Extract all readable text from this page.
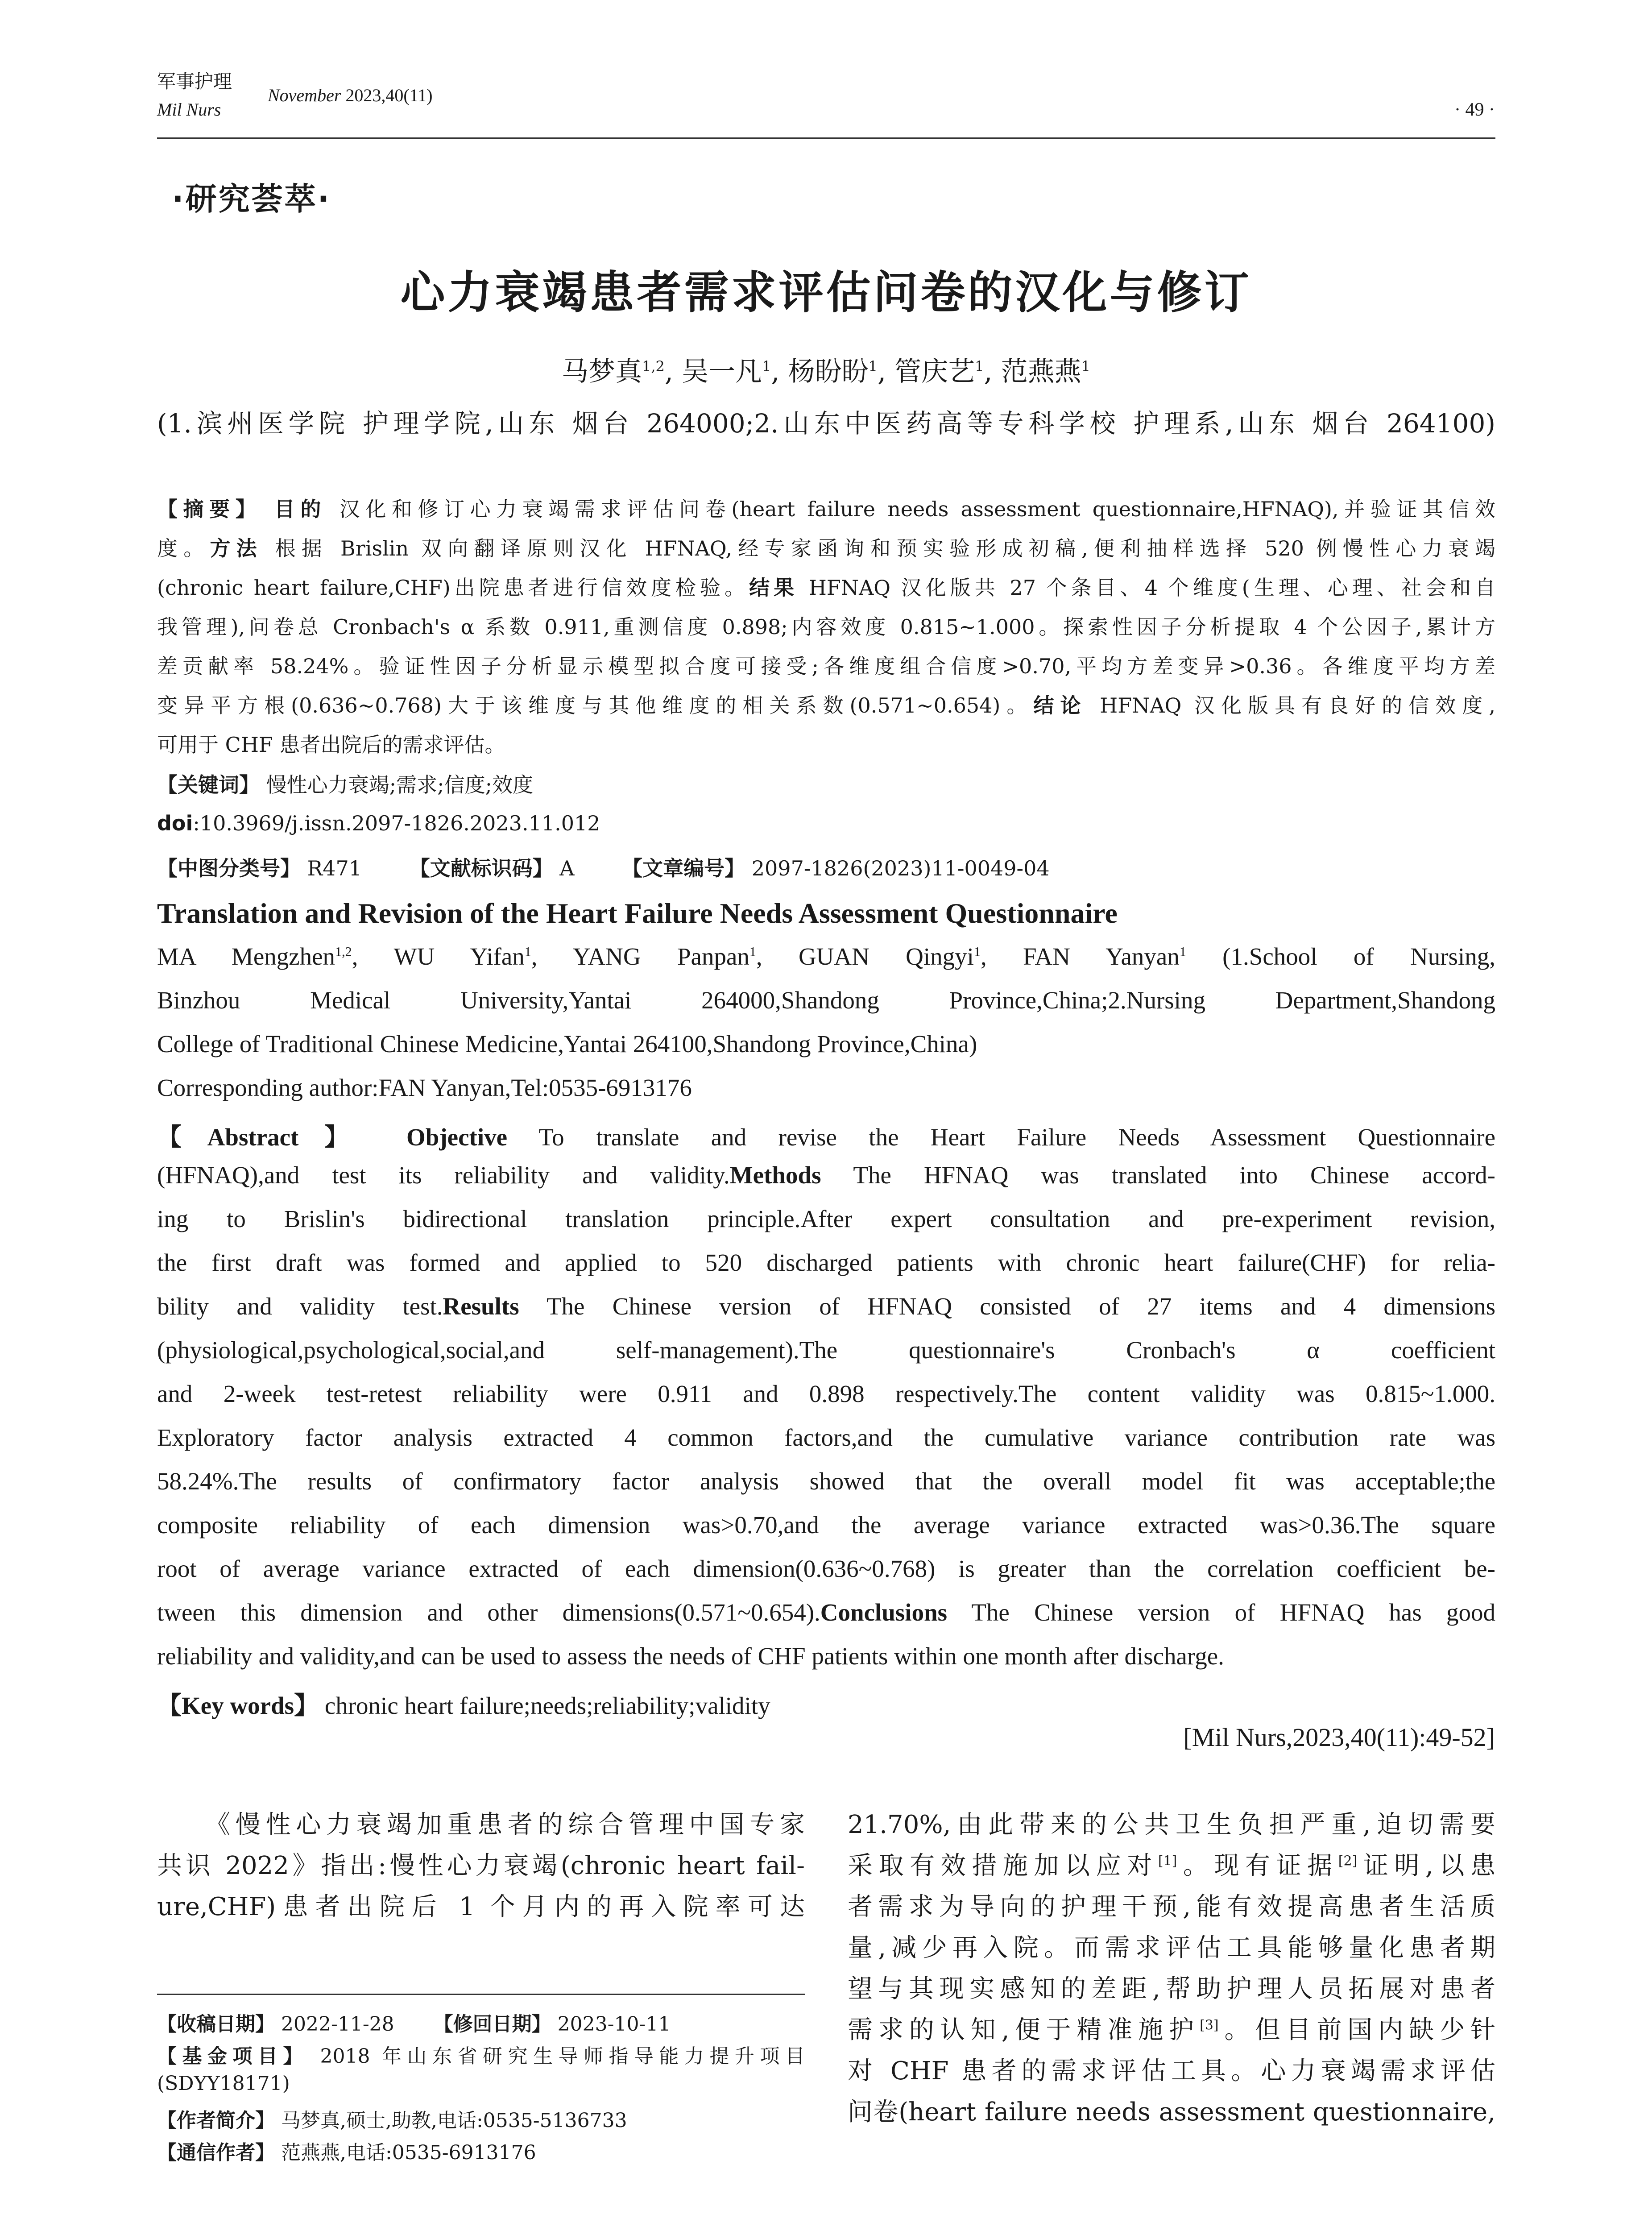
军事护理
Mil Nurs
November 2023,40(11)
· 49 ·
·研究荟萃·
心力衰竭患者需求评估问卷的汉化与修订
马梦真$^{1,2}$, 吴一凡$^1$, 杨盼盼$^1$, 管庆艺$^1$, 范燕燕$^1$
(1.滨州医学院 护理学院,山东 烟台 264000;2.山东中医药高等专科学校 护理系,山东 烟台 264100)
【摘要】 目的 汉化和修订心力衰竭需求评估问卷(heart failure needs assessment questionnaire,HFNAQ),并验证其信效
度。方法 根据 Brislin 双向翻译原则汉化 HFNAQ,经专家函询和预实验形成初稿,便利抽样选择 520 例慢性心力衰竭
(chronic heart failure,CHF)出院患者进行信效度检验。结果 HFNAQ 汉化版共 27 个条目、4 个维度(生理、心理、社会和自
我管理),问卷总 Cronbach's α 系数 0.911,重测信度 0.898;内容效度 0.815~1.000。探索性因子分析提取 4 个公因子,累计方
差贡献率 58.24%。验证性因子分析显示模型拟合度可接受;各维度组合信度>0.70,平均方差变异>0.36。各维度平均方差
变异平方根(0.636~0.768)大于该维度与其他维度的相关系数(0.571~0.654)。结论 HFNAQ 汉化版具有良好的信效度,
可用于 CHF 患者出院后的需求评估。
【关键词】 慢性心力衰竭;需求;信度;效度
doi:10.3969/j.issn.2097-1826.2023.11.012
【中图分类号】 R471   【文献标识码】 A   【文章编号】 2097-1826(2023)11-0049-04
Translation and Revision of the Heart Failure Needs Assessment Questionnaire
MA Mengzhen$^{1,2}$, WU Yifan$^1$, YANG Panpan$^1$, GUAN Qingyi$^1$, FAN Yanyan$^1$ (1.School of Nursing,
Binzhou Medical University,Yantai 264000,Shandong Province,China;2.Nursing Department,Shandong
College of Traditional Chinese Medicine,Yantai 264100,Shandong Province,China)
Corresponding author:FAN Yanyan,Tel:0535-6913176
【Abstract】 Objective To translate and revise the Heart Failure Needs Assessment Questionnaire
(HFNAQ),and test its reliability and validity.Methods The HFNAQ was translated into Chinese accord-
ing to Brislin's bidirectional translation principle.After expert consultation and pre-experiment revision,
the first draft was formed and applied to 520 discharged patients with chronic heart failure(CHF) for relia-
bility and validity test.Results The Chinese version of HFNAQ consisted of 27 items and 4 dimensions
(physiological,psychological,social,and self-management).The questionnaire's Cronbach's α coefficient
and 2-week test-retest reliability were 0.911 and 0.898 respectively.The content validity was 0.815~1.000.
Exploratory factor analysis extracted 4 common factors,and the cumulative variance contribution rate was
58.24%.The results of confirmatory factor analysis showed that the overall model fit was acceptable;the
composite reliability of each dimension was>0.70,and the average variance extracted was>0.36.The square
root of average variance extracted of each dimension(0.636~0.768) is greater than the correlation coefficient be-
tween this dimension and other dimensions(0.571~0.654).Conclusions The Chinese version of HFNAQ has good
reliability and validity,and can be used to assess the needs of CHF patients within one month after discharge.
【Key words】 chronic heart failure;needs;reliability;validity
[Mil Nurs,2023,40(11):49-52]
《慢性心力衰竭加重患者的综合管理中国专家
共识 2022》指出:慢性心力衰竭(chronic heart fail-
ure,CHF)患者出院后 1 个月内的再入院率可达
【收稿日期】 2022-11-28   【修回日期】 2023-10-11
【基金项目】 2018 年山东省研究生导师指导能力提升项目
(SDYY18171)
【作者简介】 马梦真,硕士,助教,电话:0535-5136733
【通信作者】 范燕燕,电话:0535-6913176
21.70%,由此带来的公共卫生负担严重,迫切需要
采取有效措施加以应对[1]。现有证据[2]证明,以患
者需求为导向的护理干预,能有效提高患者生活质
量,减少再入院。而需求评估工具能够量化患者期
望与其现实感知的差距,帮助护理人员拓展对患者
需求的认知,便于精准施护[3]。但目前国内缺少针
对 CHF 患者的需求评估工具。心力衰竭需求评估
问卷(heart failure needs assessment questionnaire,
